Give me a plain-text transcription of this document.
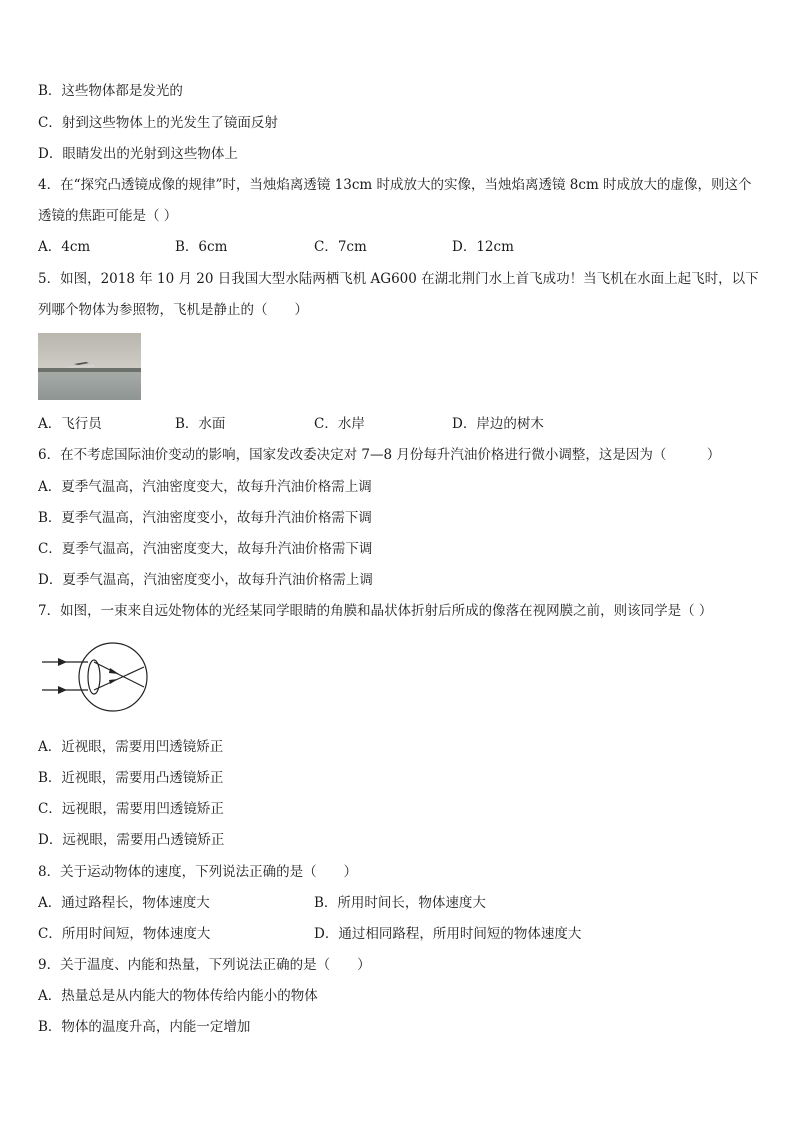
B．这些物体都是发光的
C．射到这些物体上的光发生了镜面反射
D．眼睛发出的光射到这些物体上
4．在“探究凸透镜成像的规律”时，当烛焰离透镜 13cm 时成放大的实像，当烛焰离透镜 8cm 时成放大的虚像，则这个
透镜的焦距可能是（ ）
A．4cm	B．6cm	C．7cm	D．12cm
5．如图，2018 年 10 月 20 日我国大型水陆两栖飞机 AG600 在湖北荆门水上首飞成功！当飞机在水面上起飞时，以下
列哪个物体为参照物，飞机是静止的（　　）
A．飞行员	B．水面	C．水岸	D．岸边的树木
6．在不考虑国际油价变动的影响，国家发改委决定对 7—8 月份每升汽油价格进行微小调整，这是因为（　　　）
A．夏季气温高，汽油密度变大，故每升汽油价格需上调
B．夏季气温高，汽油密度变小，故每升汽油价格需下调
C．夏季气温高，汽油密度变大，故每升汽油价格需下调
D．夏季气温高，汽油密度变小，故每升汽油价格需上调
7．如图，一束来自远处物体的光经某同学眼睛的角膜和晶状体折射后所成的像落在视网膜之前，则该同学是（ ）
A．近视眼，需要用凹透镜矫正
B．近视眼，需要用凸透镜矫正
C．远视眼，需要用凹透镜矫正
D．远视眼，需要用凸透镜矫正
8．关于运动物体的速度，下列说法正确的是（　　）
A．通过路程长，物体速度大	B．所用时间长，物体速度大
C．所用时间短，物体速度大	D．通过相同路程，所用时间短的物体速度大
9．关于温度、内能和热量，下列说法正确的是（　　）
A．热量总是从内能大的物体传给内能小的物体
B．物体的温度升高，内能一定增加
